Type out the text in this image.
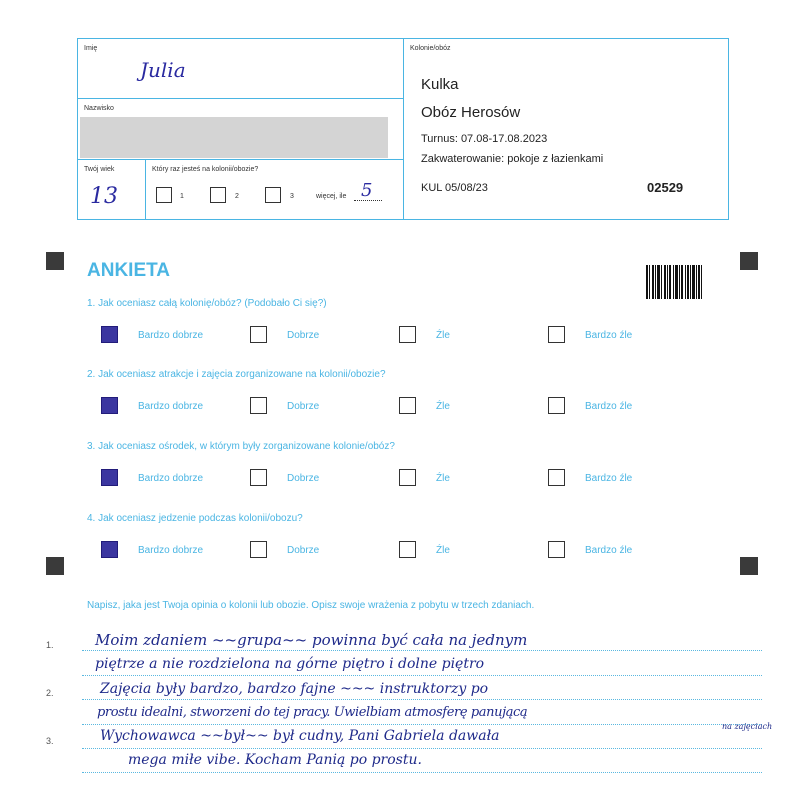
Imię
Julia
Nazwisko
Twój wiek
13
Który raz jesteś na kolonii/obozie?
1	2	3	więcej, ile 5
Kolonie/obóz
Kulka
Obóz Herosów
Turnus: 07.08-17.08.2023
Zakwaterowanie: pokoje z łazienkami
KUL 05/08/23	02529
ANKIETA
1. Jak oceniasz całą kolonię/obóz? (Podobało Ci się?)
Bardzo dobrze	Dobrze	Źle	Bardzo źle
2. Jak oceniasz atrakcje i zajęcia zorganizowane na kolonii/obozie?
Bardzo dobrze	Dobrze	Źle	Bardzo źle
3. Jak oceniasz ośrodek, w którym były zorganizowane kolonie/obóz?
Bardzo dobrze	Dobrze	Źle	Bardzo źle
4. Jak oceniasz jedzenie podczas kolonii/obozu?
Bardzo dobrze	Dobrze	Źle	Bardzo źle
Napisz, jaka jest Twoja opinia o kolonii lub obozie. Opisz swoje wrażenia z pobytu w trzech zdaniach.
1.
2.
3.
Moim zdaniem ~~grupa~~ powinna być cała na jednym
piętrze a nie rozdzielona na górne piętro i dolne piętro
Zajęcia były bardzo, bardzo fajne ~~~ instruktorzy po
prostu idealni, stworzeni do tej pracy. Uwielbiam atmosferę panującą
na zajęciach
Wychowawca ~~był~~ był cudny, Pani Gabriela dawała
mega miłe vibe. Kocham Panią po prostu.
